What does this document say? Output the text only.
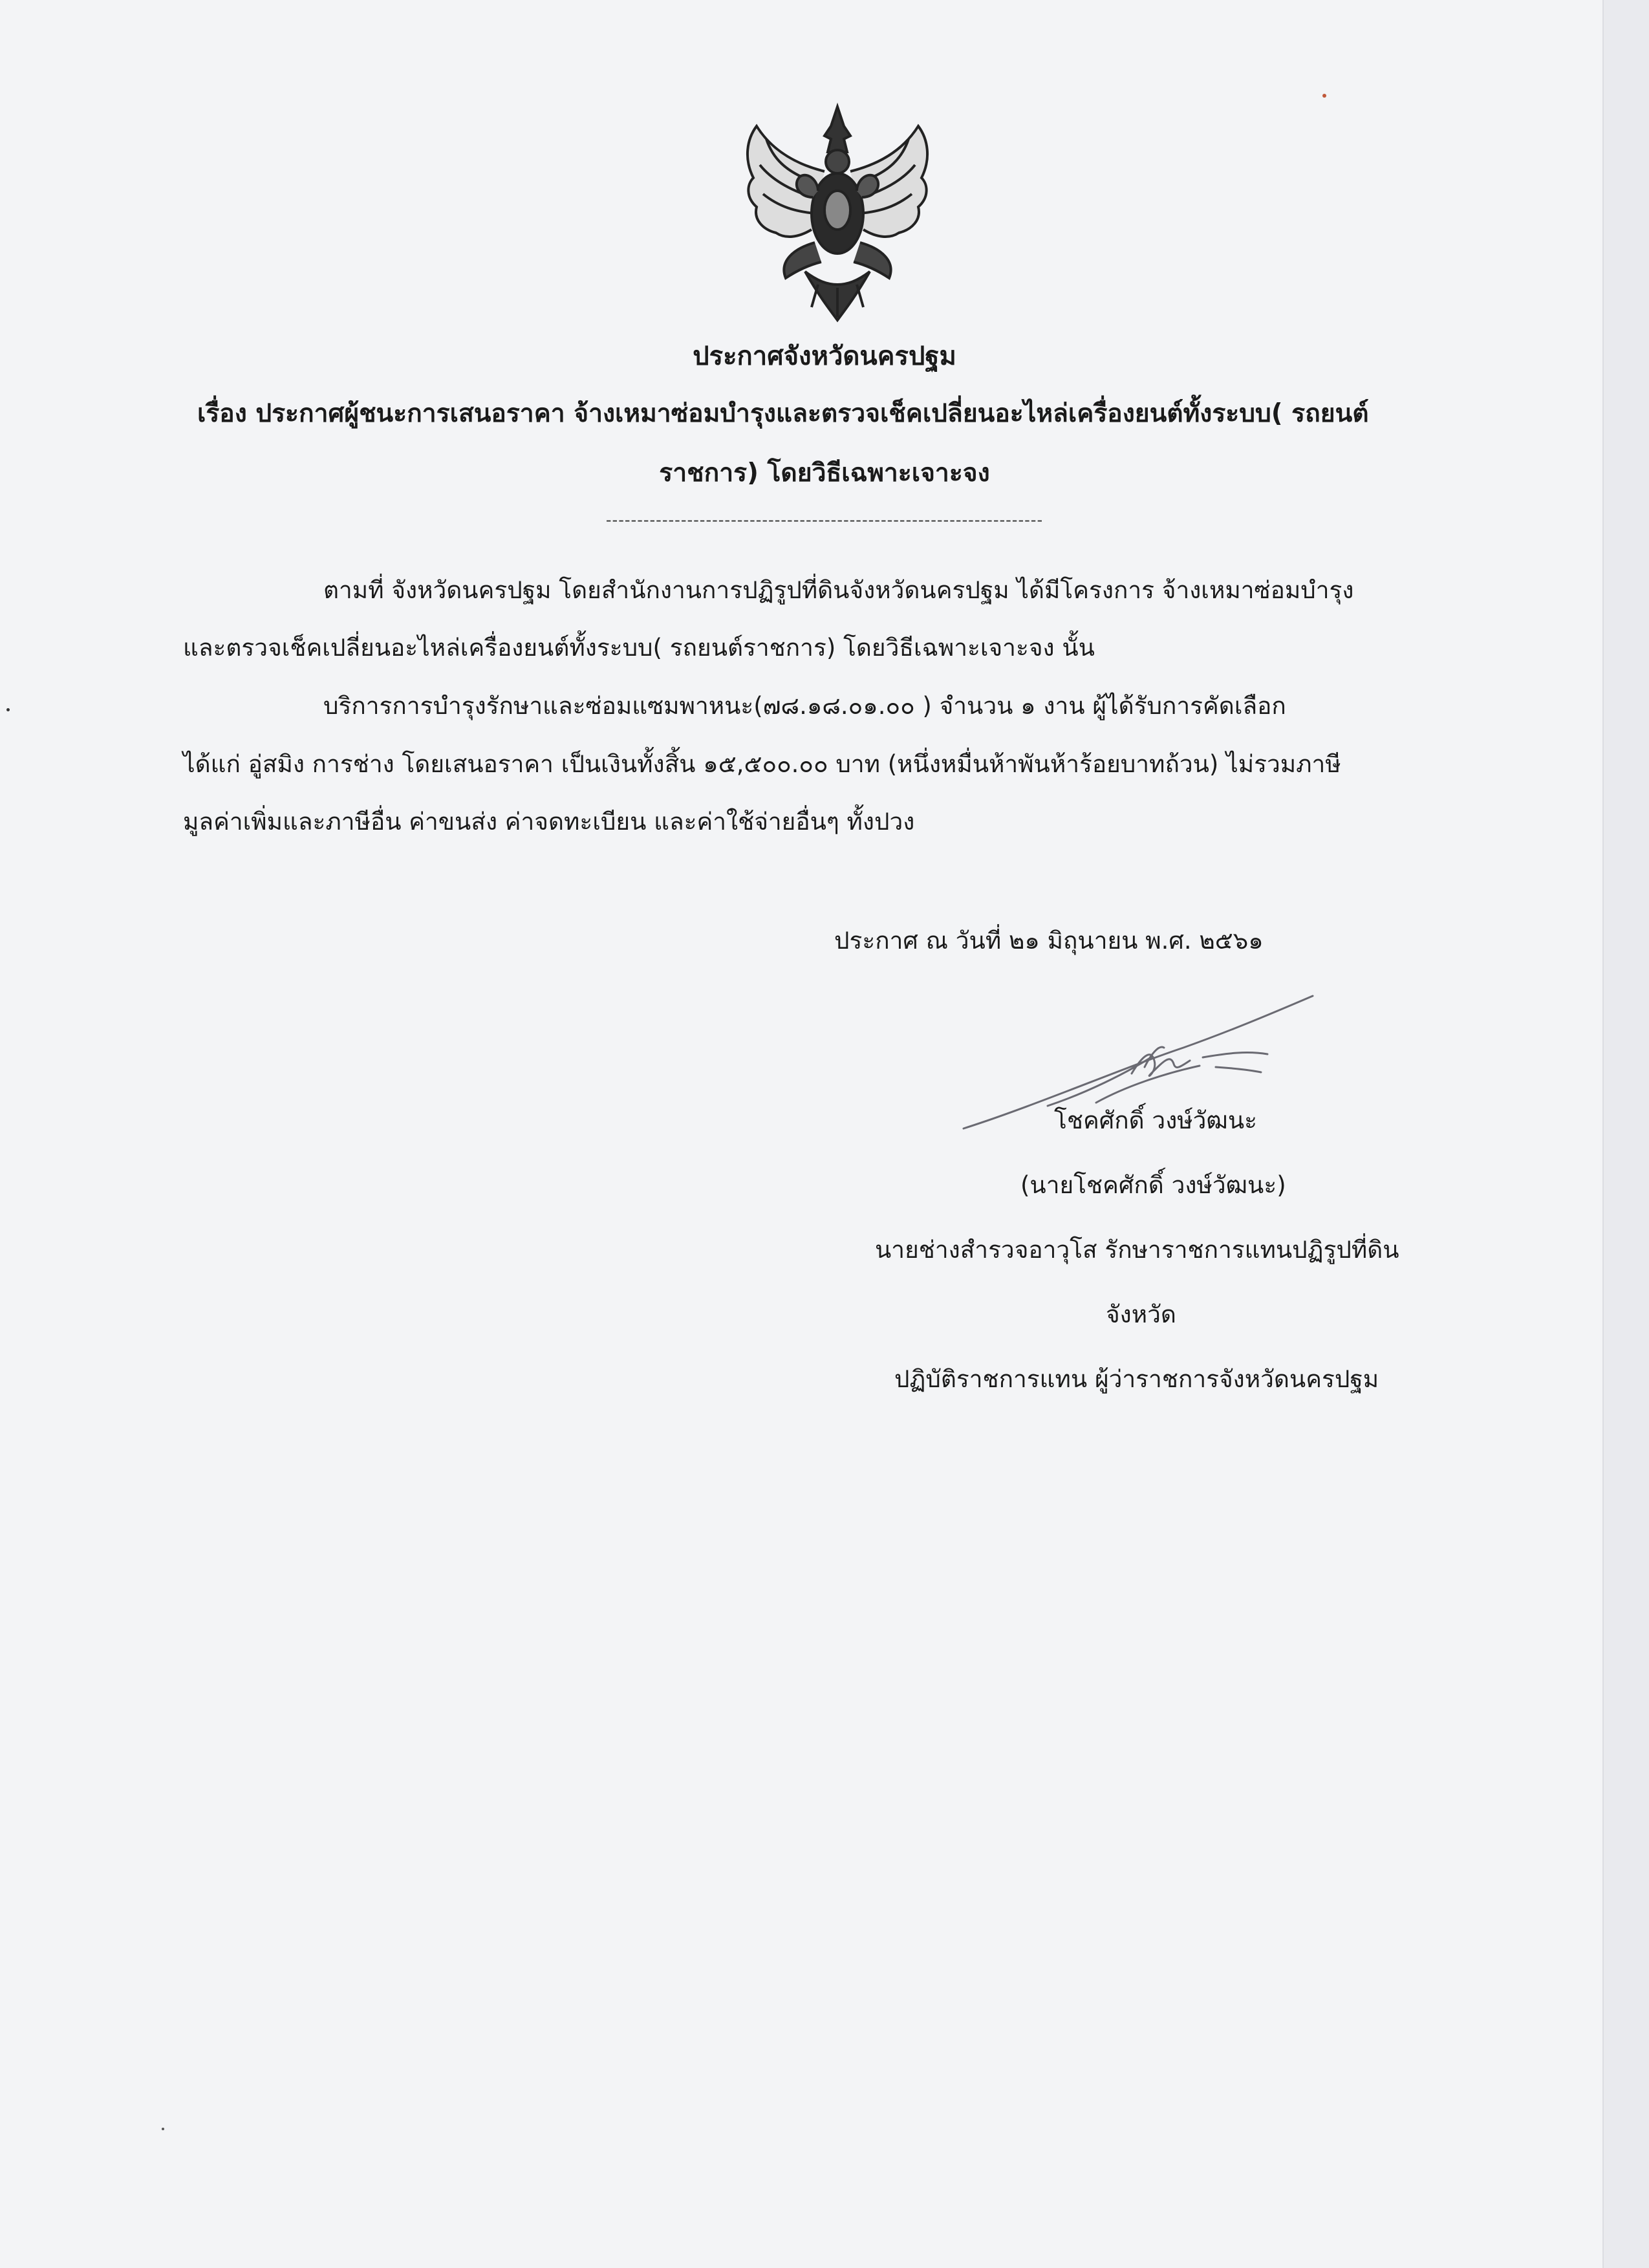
ประกาศจังหวัดนครปฐม
เรื่อง ประกาศผู้ชนะการเสนอราคา จ้างเหมาซ่อมบำรุงและตรวจเช็คเปลี่ยนอะไหล่เครื่องยนต์ทั้งระบบ( รถยนต์
ราชการ) โดยวิธีเฉพาะเจาะจง
----------------------------------------------------------------------
ตามที่ จังหวัดนครปฐม โดยสำนักงานการปฏิรูปที่ดินจังหวัดนครปฐม ได้มีโครงการ จ้างเหมาซ่อมบำรุง
และตรวจเช็คเปลี่ยนอะไหล่เครื่องยนต์ทั้งระบบ( รถยนต์ราชการ) โดยวิธีเฉพาะเจาะจง นั้น
บริการการบำรุงรักษาและซ่อมแซมพาหนะ(๗๘.๑๘.๐๑.๐๐ ) จำนวน ๑ งาน ผู้ได้รับการคัดเลือก
ได้แก่ อู่สมิง การช่าง โดยเสนอราคา เป็นเงินทั้งสิ้น ๑๕,๕๐๐.๐๐ บาท (หนึ่งหมื่นห้าพันห้าร้อยบาทถ้วน) ไม่รวมภาษี
มูลค่าเพิ่มและภาษีอื่น ค่าขนส่ง ค่าจดทะเบียน และค่าใช้จ่ายอื่นๆ ทั้งปวง
ประกาศ ณ วันที่ ๒๑ มิถุนายน พ.ศ. ๒๕๖๑
โชคศักดิ์ วงษ์วัฒนะ
(นายโชคศักดิ์ วงษ์วัฒนะ)
นายช่างสำรวจอาวุโส รักษาราชการแทนปฏิรูปที่ดิน
จังหวัด
ปฏิบัติราชการแทน ผู้ว่าราชการจังหวัดนครปฐม
